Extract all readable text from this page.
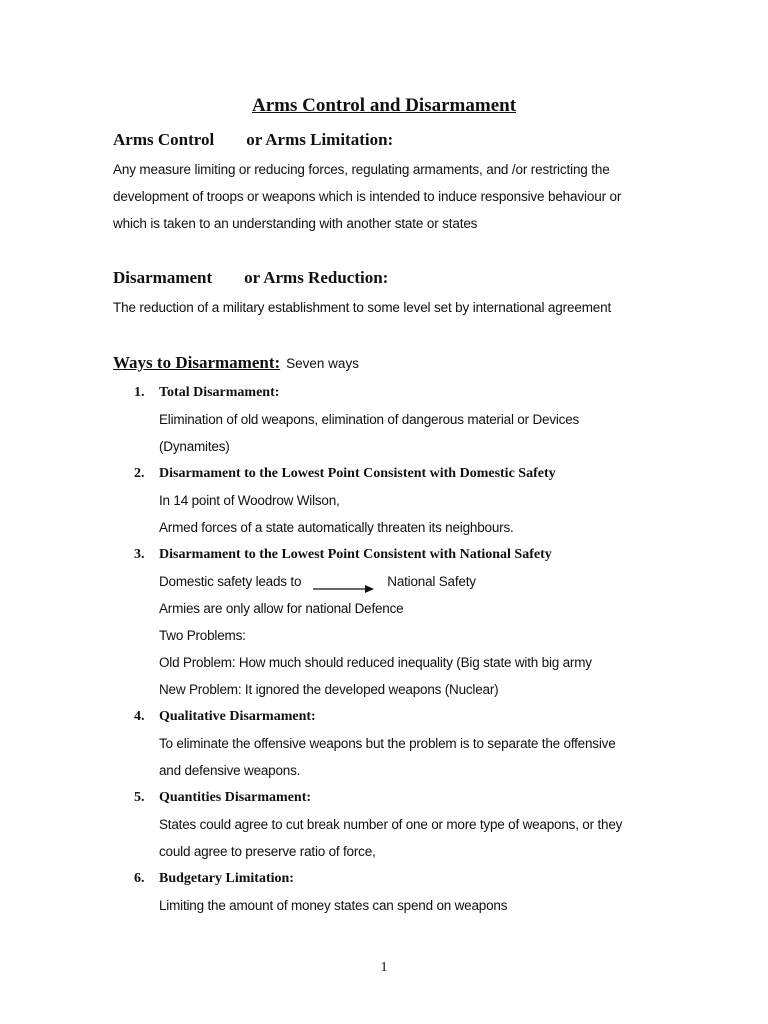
Arms Control and Disarmament
Arms Control or Arms Limitation:
Any measure limiting or reducing forces, regulating armaments, and /or restricting the
development of troops or weapons which is intended to induce responsive behaviour or
which is taken to an understanding with another state or states
Disarmament or Arms Reduction:
The reduction of a military establishment to some level set by international agreement
Ways to Disarmament: Seven ways
1. Total Disarmament:
Elimination of old weapons, elimination of dangerous material or Devices
(Dynamites)
2. Disarmament to the Lowest Point Consistent with Domestic Safety
In 14 point of Woodrow Wilson,
Armed forces of a state automatically threaten its neighbours.
3. Disarmament to the Lowest Point Consistent with National Safety
Domestic safety leads to	National Safety
Armies are only allow for national Defence
Two Problems:
Old Problem: How much should reduced inequality (Big state with big army
New Problem: It ignored the developed weapons (Nuclear)
4. Qualitative Disarmament:
To eliminate the offensive weapons but the problem is to separate the offensive
and defensive weapons.
5. Quantities Disarmament:
States could agree to cut break number of one or more type of weapons, or they
could agree to preserve ratio of force,
6. Budgetary Limitation:
Limiting the amount of money states can spend on weapons
1
